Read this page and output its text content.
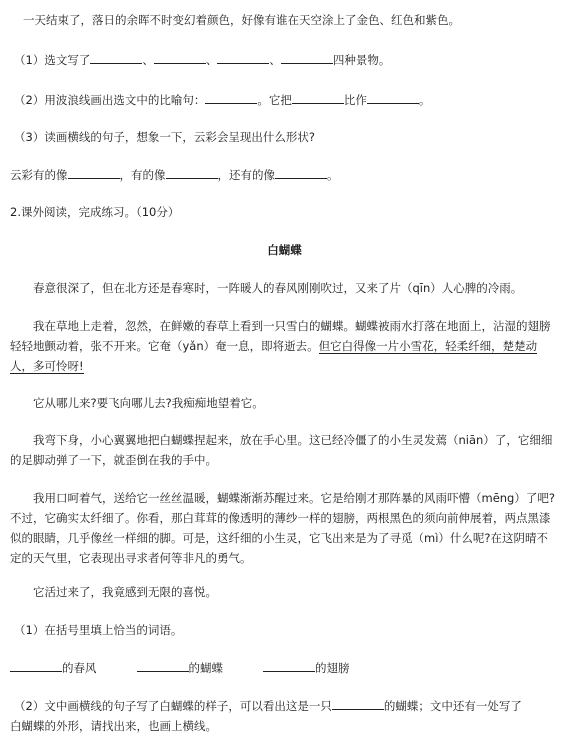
一天结束了，落日的余晖不时变幻着颜色，好像有谁在天空涂上了金色、红色和紫色。
（1）选文写了	、	、	、	四种景物。
（2）用波浪线画出选文中的比喻句：	。它把	比作	。
（3）读画横线的句子，想象一下，云彩会呈现出什么形状?
云彩有的像	，有的像	，还有的像	。
2.课外阅读，完成练习。（10分）
白蝴蝶
春意很深了，但在北方还是春寒时，一阵暖人的春风刚刚吹过，又来了片（qīn）人心脾的冷雨。
我在草地上走着，忽然，在鲜嫩的春草上看到一只雪白的蝴蝶。蝴蝶被雨水打落在地面上，沾湿的翅膀轻轻地颤动着，张不开来。它奄（yǎn）奄一息，即将逝去。但它白得像一片小雪花，轻柔纤细，楚楚动人，多可怜呀!
它从哪儿来?要飞向哪儿去?我痴痴地望着它。
我弯下身，小心翼翼地把白蝴蝶捏起来，放在手心里。这已经冷僵了的小生灵发蔫（niān）了，它细细的足脚动弹了一下，就歪倒在我的手中。
我用口呵着气，送给它一丝丝温暖，蝴蝶渐渐苏醒过来。它是给刚才那阵暴的风雨吓懵（mēng）了吧?不过，它确实太纤细了。你看，那白茸茸的像透明的薄纱一样的翅膀，两根黑色的须向前伸展着，两点黑漆似的眼睛，几乎像丝一样细的脚。可是，这纤细的小生灵，它飞出来是为了寻觅（mì）什么呢?在这阴晴不定的天气里，它表现出寻求者何等非凡的勇气。
它活过来了，我竟感到无限的喜悦。
（1）在括号里填上恰当的词语。
的春风	的蝴蝶	的翅膀
（2）文中画横线的句子写了白蝴蝶的样子，可以看出这是一只	的蝴蝶；文中还有一处写了
白蝴蝶的外形，请找出来，也画上横线。
